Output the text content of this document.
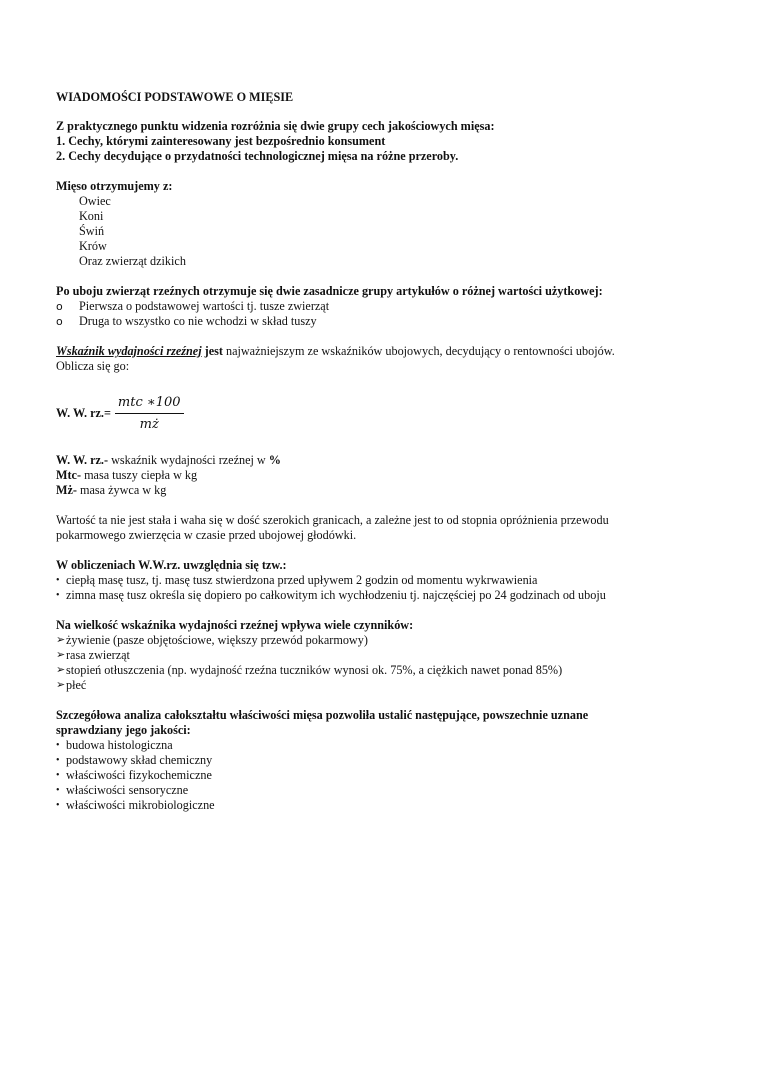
WIADOMOŚCI PODSTAWOWE O MIĘSIE
Z praktycznego punktu widzenia rozróżnia się dwie grupy cech jakościowych mięsa:
1. Cechy, którymi zainteresowany jest bezpośrednio konsument
2. Cechy decydujące o przydatności technologicznej mięsa na różne przeroby.
Mięso otrzymujemy z:
Owiec
Koni
Świń
Krów
Oraz zwierząt dzikich
Po uboju zwierząt rzeźnych otrzymuje się dwie zasadnicze grupy artykułów o różnej wartości użytkowej:
o	Pierwsza o podstawowej wartości tj. tusze zwierząt
o	Druga to wszystko co nie wchodzi w skład tuszy
Wskaźnik wydajności rzeźnej jest najważniejszym ze wskaźników ubojowych, decydujący o rentowności ubojów.
Oblicza się go:
W. W. $rz.= \frac{\text{mtc ∗100}}{mż}$
W. W. rz.- wskaźnik wydajności rzeźnej w %
Mtc- masa tuszy ciepła w kg
Mż- masa żywca w kg
Wartość ta nie jest stała i waha się w dość szerokich granicach, a zależne jest to od stopnia opróżnienia przewodu
pokarmowego zwierzęcia w czasie przed ubojowej głodówki.
W obliczeniach W.W.rz. uwzględnia się tzw.:
• ciepłą masę tusz, tj. masę tusz stwierdzona przed upływem 2 godzin od momentu wykrwawienia
• zimna masę tusz określa się dopiero po całkowitym ich wychłodzeniu tj. najczęściej po 24 godzinach od uboju
Na wielkość wskaźnika wydajności rzeźnej wpływa wiele czynników:
➢ żywienie (pasze objętościowe, większy przewód pokarmowy)
➢ rasa zwierząt
➢ stopień otłuszczenia (np. wydajność rzeźna tuczników wynosi ok. 75%, a ciężkich nawet ponad 85%)
➢ płeć
Szczegółowa analiza całokształtu właściwości mięsa pozwoliła ustalić następujące, powszechnie uznane
sprawdziany jego jakości:
• budowa histologiczna
• podstawowy skład chemiczny
• właściwości fizykochemiczne
• właściwości sensoryczne
• właściwości mikrobiologiczne
